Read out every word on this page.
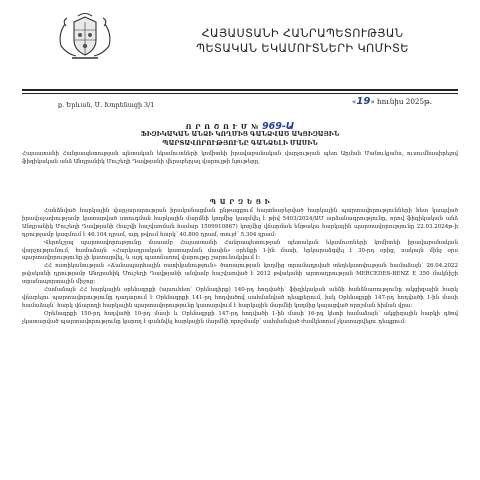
ՀԱՅԱՍՏԱՆԻ ՀԱՆՐԱՊԵՏՈՒԹՅԱՆ
ՊԵՏԱԿԱՆ ԵԿԱՄՈՒՏՆԵՐԻ ԿՈՄԻՏԵ
ք. Երևան, Մ. Խորենացի 3/1	«19» հունիս 2025թ.
Ո Ր Ո Շ Ո Ւ Մ № 969-Ա
ՖԻԶԻԿԱԿԱՆ ԱՆՁԻ ԿՈՂՄԻՑ ԳԱՆՁՎԱԾ ԱԿՑԻԶԱՅԻՆ
ՊԱՐՏԱՎՈՐՈՒԹՅՈՒՆԸ ԳԱՆՁԵԼԻ ՄԱՍԻՆ
Հայաստանի Հանրապետության պետական եկամուտների կոմիտեի իրավաբանական վարչության պետ Արման Մանուկյանս, ուսումնասիրելով ֆիզիկական անձ Անդրանիկ Մուշեղի Դավթյանի վերաբերյալ վարույթի նյութերը,
Պ Ա Ր Զ Ե Ց Ի

Հանձնված հարկային վարչարարության իրականացման ընթացքում հայտնաբերված հարկային պարտավորությունների հետ կապված իրավաչափությամբ կատարված ստուգման հարկային մարմնի կողմից կազմվել է թիվ 5403/2024/ԱՄ արձանագրությունը, որով ֆիզիկական անձ Անդրանիկ Մուշեղի Դավթյանի (հաշվի հաշվառման համար 1509910867) կողմից վճարման ենթակա հարկային պարտավորությունը 22.03.2024թ-ի դրությամբ կազմում է 46.104 դրամ, այդ թվում հարկ՝ 40.800 դրամ, տույժ՝ 5.304 դրամ:

Վերոնշյալ պարտավորությունը մասամբ Հայաստանի Հանրապետության պետական եկամուտների կոմիտեի իրավաբանական վարչությունում, համաձայն «Հարկադրական կատարման մասին» օրենքի 1-ին մասի, երկարաձգվել է 30-րդ օրից, սակայն մինչ օրս պարտավորությունը չի կատարվել, և այդ պատճառով վարույթը շարունակվում է:

ՀՀ ոստիկանության «Ճանապարհային ոստիկանություն» ծառայության կողմից տրամադրված տեղեկատվության համաձայն՝ 26.04.2022 թվականի դրությամբ Անդրանիկ Մուշեղի Դավթյանի անվամբ հաշվառված է 2012 թվականի արտադրության MERCEDES-BENZ E 350 մակնիշի տրանսպորտային միջոց:

Համաձայն ՀՀ հարկային օրենսգրքի (այսուհետ՝ Օրենսգիրք) 140-րդ հոդվածի՝ ֆիզիկական անձի հանձնառությունը ակցիզային հարկ վճարելու պարտավորությունը դադարում է Օրենսգրքի 141-րդ հոդվածով սահմանված դեպքերում, իսկ Օրենսգրքի 147-րդ հոդվածի 1-ին մասի համաձայն՝ հարկ վճարողի հարկային պարտավորությունը կատարվում է հարկային մարմնի կողմից կայացված որոշման հիման վրա:

Օրենսգրքի 150-րդ հոդվածի 10-րդ մասի և Օրենսգրքի 147-րդ հոդվածի 1-ին մասի 16-րդ կետի համաձայն՝ ակցիզային հարկի գծով չկատարված պարտավորությունը կարող է գանձվել հարկային մարմնի որոշմամբ՝ սահմանված ժամկետում չկատարվելու դեպքում:
